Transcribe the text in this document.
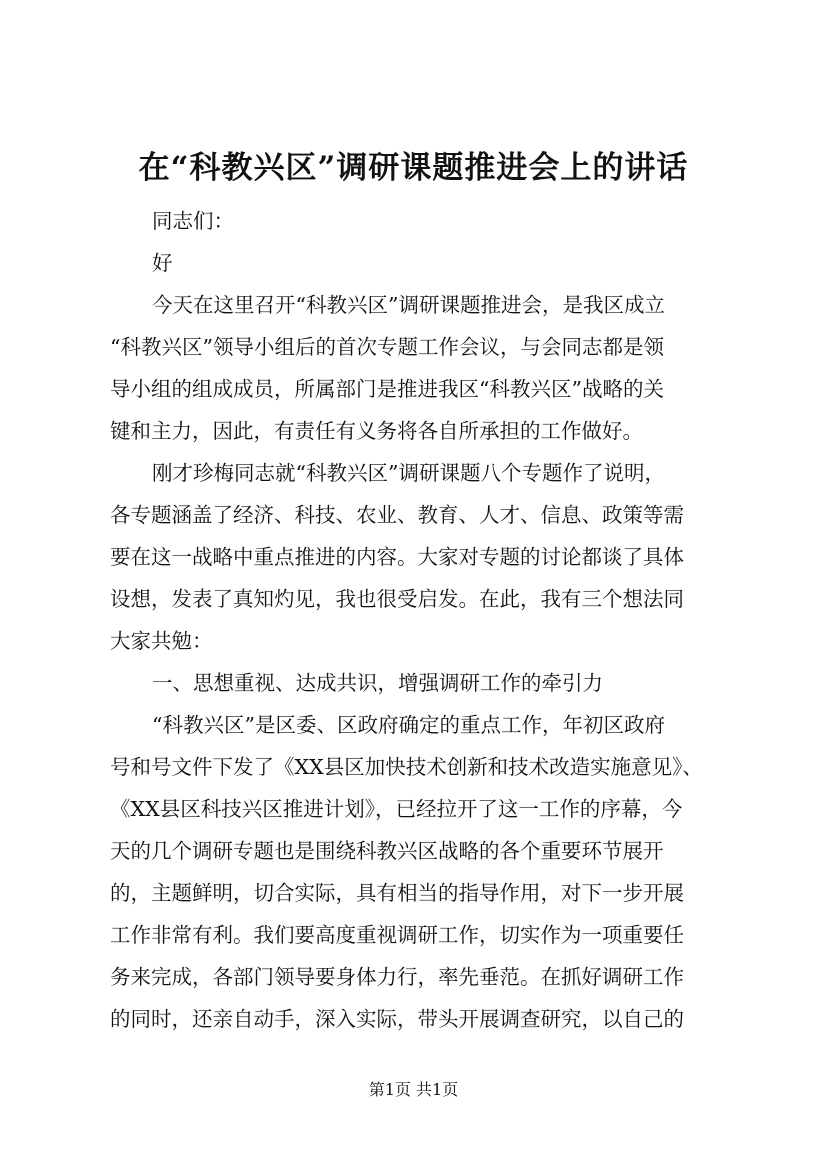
在“科教兴区”调研课题推进会上的讲话
同志们：
好
今天在这里召开“科教兴区”调研课题推进会，是我区成立
“科教兴区”领导小组后的首次专题工作会议，与会同志都是领
导小组的组成成员，所属部门是推进我区“科教兴区”战略的关
键和主力，因此，有责任有义务将各自所承担的工作做好。
刚才珍梅同志就“科教兴区”调研课题八个专题作了说明，
各专题涵盖了经济、科技、农业、教育、人才、信息、政策等需
要在这一战略中重点推进的内容。大家对专题的讨论都谈了具体
设想，发表了真知灼见，我也很受启发。在此，我有三个想法同
大家共勉：
一、思想重视、达成共识，增强调研工作的牵引力
“科教兴区”是区委、区政府确定的重点工作，年初区政府
号和号文件下发了《XX县区加快技术创新和技术改造实施意见》、
《XX县区科技兴区推进计划》，已经拉开了这一工作的序幕，今
天的几个调研专题也是围绕科教兴区战略的各个重要环节展开
的，主题鲜明，切合实际，具有相当的指导作用，对下一步开展
工作非常有利。我们要高度重视调研工作，切实作为一项重要任
务来完成，各部门领导要身体力行，率先垂范。在抓好调研工作
的同时，还亲自动手，深入实际，带头开展调查研究，以自己的
第1页 共1页
